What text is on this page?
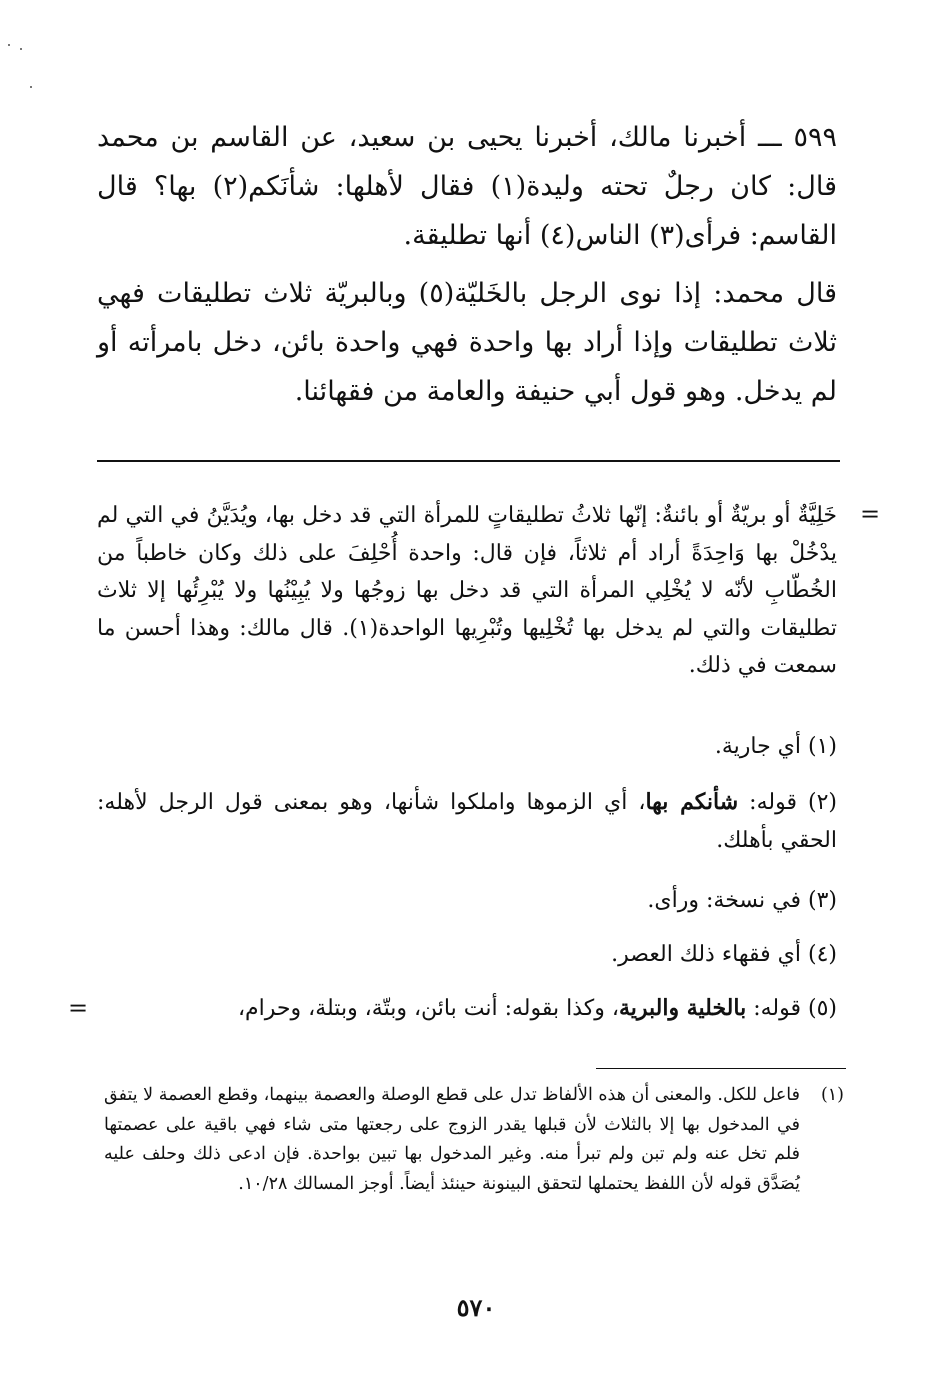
٥٩٩ ـــ أخبرنا مالك، أخبرنا يحيى بن سعيد، عن القاسم بن محمد قال: كان رجلٌ تحته وليدة(١) فقال لأهلها: شأنَكم(٢) بها؟ قال القاسم: فرأى(٣) الناس(٤) أنها تطليقة.
قال محمد: إذا نوى الرجل بالخَليّة(٥) وبالبريّة ثلاث تطليقات فهي ثلاث تطليقات وإذا أراد بها واحدة فهي واحدة بائن، دخل بامرأته أو لم يدخل. وهو قول أبي حنيفة والعامة من فقهائنا.
=
خَلِيَّةٌ أو بريّةٌ أو بائنةٌ: إنّها ثلاثُ تطليقاتٍ للمرأة التي قد دخل بها، ويُدَيَّنُ في التي لم يدْخُلْ بها وَاحِدَةً أراد أم ثلاثاً، فإن قال: واحدة أُحْلِفَ على ذلك وكان خاطباً من الخُطّابِ لأنّه لا يُخْلِي المرأة التي قد دخل بها زوجُها ولا يُبِيْنُها ولا يُبْرِئُها إلا ثلاث تطليقات والتي لم يدخل بها تُخْلِيها وتُبْرِيها الواحدة(١). قال مالك: وهذا أحسن ما سمعت في ذلك.
(١) أي جارية.
(٢) قوله: شأنكم بها، أي الزموها واملكوا شأنها، وهو بمعنى قول الرجل لأهله: الحقي بأهلك.
(٣) في نسخة: ورأى.
(٤) أي فقهاء ذلك العصر.
(٥) قوله: بالخلية والبرية، وكذا بقوله: أنت بائن، وبتّة، وبتلة، وحرام،
=
(١)
فاعل للكل. والمعنى أن هذه الألفاظ تدل على قطع الوصلة والعصمة بينهما، وقطع العصمة لا يتفق في المدخول بها إلا بالثلاث لأن قبلها يقدر الزوج على رجعتها متى شاء فهي باقية على عصمتها فلم تخل عنه ولم تبن ولم تبرأ منه. وغير المدخول بها تبين بواحدة. فإن ادعى ذلك وحلف عليه يُصَدَّق قوله لأن اللفظ يحتملها لتحقق البينونة حينئذ أيضاً. أوجز المسالك ١٠/٢٨.
٥٧٠
